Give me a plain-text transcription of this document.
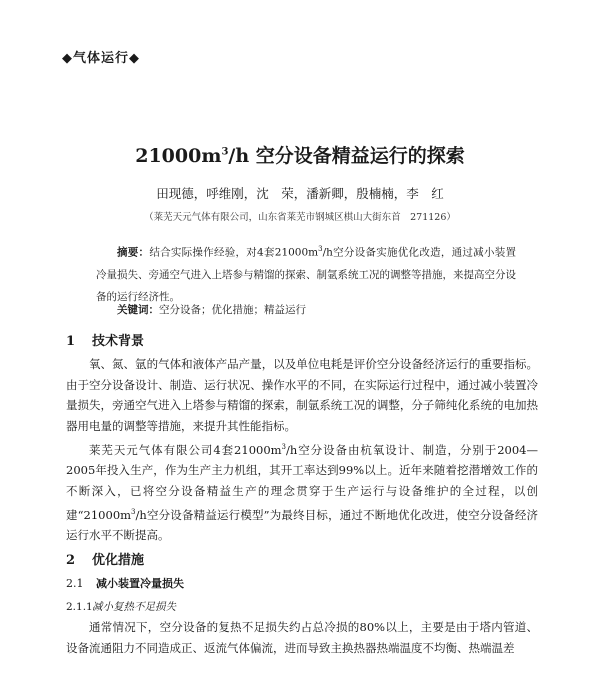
◆气体运行◆
$21000m^3/h$ 空分设备精益运行的探索
田现德，呼维刚，沈　荣，潘新卿，殷楠楠，李　红
（莱芜天元气体有限公司，山东省莱芜市钢城区棋山大街东首　271126）
摘要：结合实际操作经验，对4套$21000m^3/h$空分设备实施优化改造，通过减小装置冷量损失、旁通空气进入上塔参与精馏的探索、制氩系统工况的调整等措施，来提高空分设备的运行经济性。
关键词：空分设备；优化措施；精益运行
1 技术背景
氧、氮、氩的气体和液体产品产量，以及单位电耗是评价空分设备经济运行的重要指标。由于空分设备设计、制造、运行状况、操作水平的不同，在实际运行过程中，通过减小装置冷量损失，旁通空气进入上塔参与精馏的探索，制氩系统工况的调整，分子筛纯化系统的电加热器用电量的调整等措施，来提升其性能指标。
莱芜天元气体有限公司4套$21000m^3/h$空分设备由杭氧设计、制造，分别于2004—2005年投入生产，作为生产主力机组，其开工率达到99%以上。近年来随着挖潜增效工作的不断深入，已将空分设备精益生产的理念贯穿于生产运行与设备维护的全过程，以创建“$21000m^3/h$空分设备精益运行模型”为最终目标，通过不断地优化改进，使空分设备经济运行水平不断提高。
2 优化措施
2.1 减小装置冷量损失
2.1.1减小复热不足损失
通常情况下，空分设备的复热不足损失约占总冷损的80%以上，主要是由于塔内管道、设备流通阻力不同造成正、返流气体偏流，进而导致主换热器热端温度不均衡、热端温差
